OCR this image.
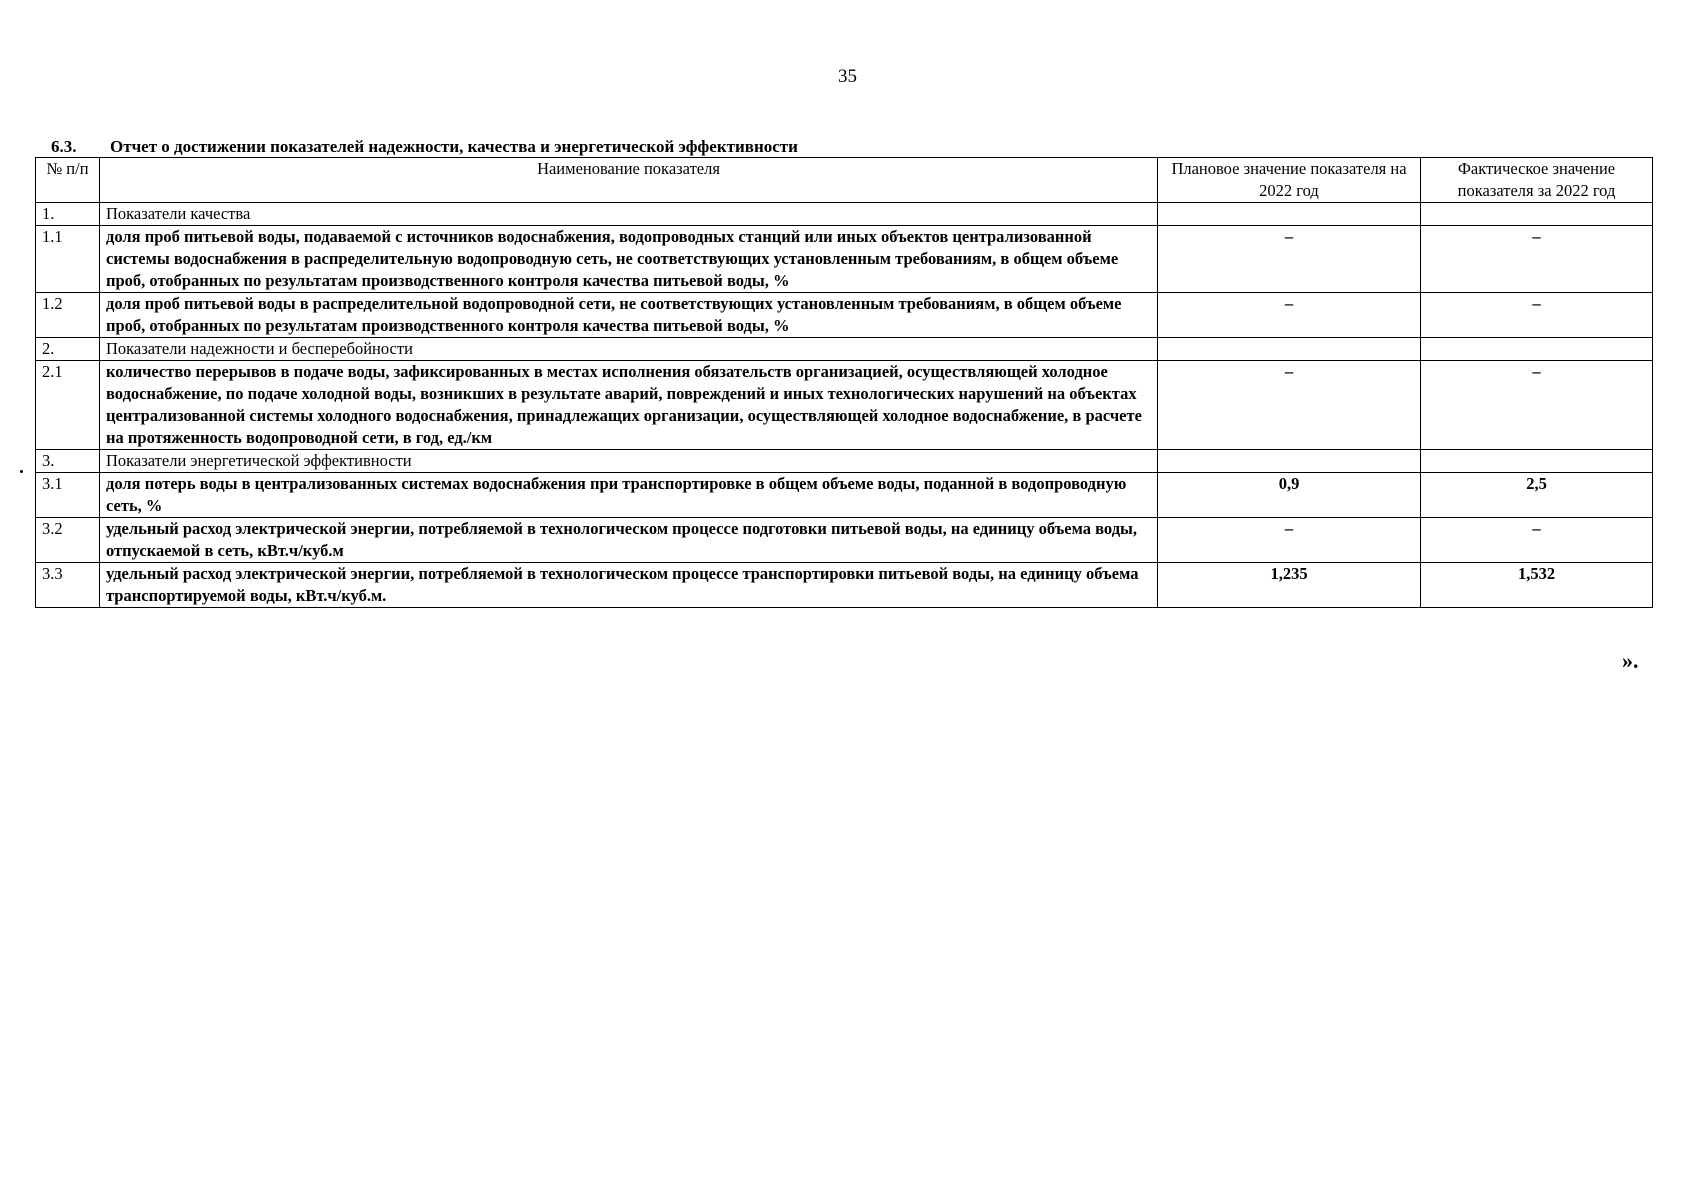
35
6.3. Отчет о достижении показателей надежности, качества и энергетической эффективности
№ п/п	Наименование показателя	Плановое значение показателя на 2022 год	Фактическое значение показателя за 2022 год
1.	Показатели качества		
1.1	доля проб питьевой воды, подаваемой с источников водоснабжения, водопроводных станций или иных объектов централизованной системы водоснабжения в распределительную водопроводную сеть, не соответствующих установленным требованиям, в общем объеме проб, отобранных по результатам производственного контроля качества питьевой воды, %	–	–
1.2	доля проб питьевой воды в распределительной водопроводной сети, не соответствующих установленным требованиям, в общем объеме проб, отобранных по результатам производственного контроля качества питьевой воды, %	–	–
2.	Показатели надежности и бесперебойности		
2.1	количество перерывов в подаче воды, зафиксированных в местах исполнения обязательств организацией, осуществляющей холодное водоснабжение, по подаче холодной воды, возникших в результате аварий, повреждений и иных технологических нарушений на объектах централизованной системы холодного водоснабжения, принадлежащих организации, осуществляющей холодное водоснабжение, в расчете на протяженность водопроводной сети, в год, ед./км	–	–
3.	Показатели энергетической эффективности		
3.1	доля потерь воды в централизованных системах водоснабжения при транспортировке в общем объеме воды, поданной в водопроводную сеть, %	0,9	2,5
3.2	удельный расход электрической энергии, потребляемой в технологическом процессе подготовки питьевой воды, на единицу объема воды, отпускаемой в сеть, кВт.ч/куб.м	–	–
3.3	удельный расход электрической энергии, потребляемой в технологическом процессе транспортировки питьевой воды, на единицу объема транспортируемой воды, кВт.ч/куб.м.	1,235	1,532
».
